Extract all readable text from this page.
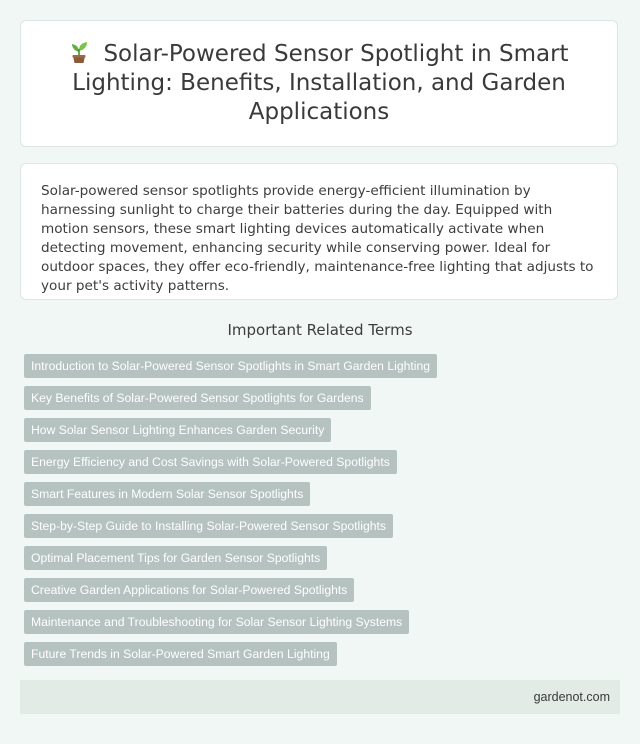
Solar-Powered Sensor Spotlight in Smart Lighting: Benefits, Installation, and Garden Applications

Solar-powered sensor spotlights provide energy-efficient illumination by harnessing sunlight to charge their batteries during the day. Equipped with motion sensors, these smart lighting devices automatically activate when detecting movement, enhancing security while conserving power. Ideal for outdoor spaces, they offer eco-friendly, maintenance-free lighting that adjusts to your pet's activity patterns.

Important Related Terms
Introduction to Solar-Powered Sensor Spotlights in Smart Garden Lighting
Key Benefits of Solar-Powered Sensor Spotlights for Gardens
How Solar Sensor Lighting Enhances Garden Security
Energy Efficiency and Cost Savings with Solar-Powered Spotlights
Smart Features in Modern Solar Sensor Spotlights
Step-by-Step Guide to Installing Solar-Powered Sensor Spotlights
Optimal Placement Tips for Garden Sensor Spotlights
Creative Garden Applications for Solar-Powered Spotlights
Maintenance and Troubleshooting for Solar Sensor Lighting Systems
Future Trends in Solar-Powered Smart Garden Lighting
gardenot.com
